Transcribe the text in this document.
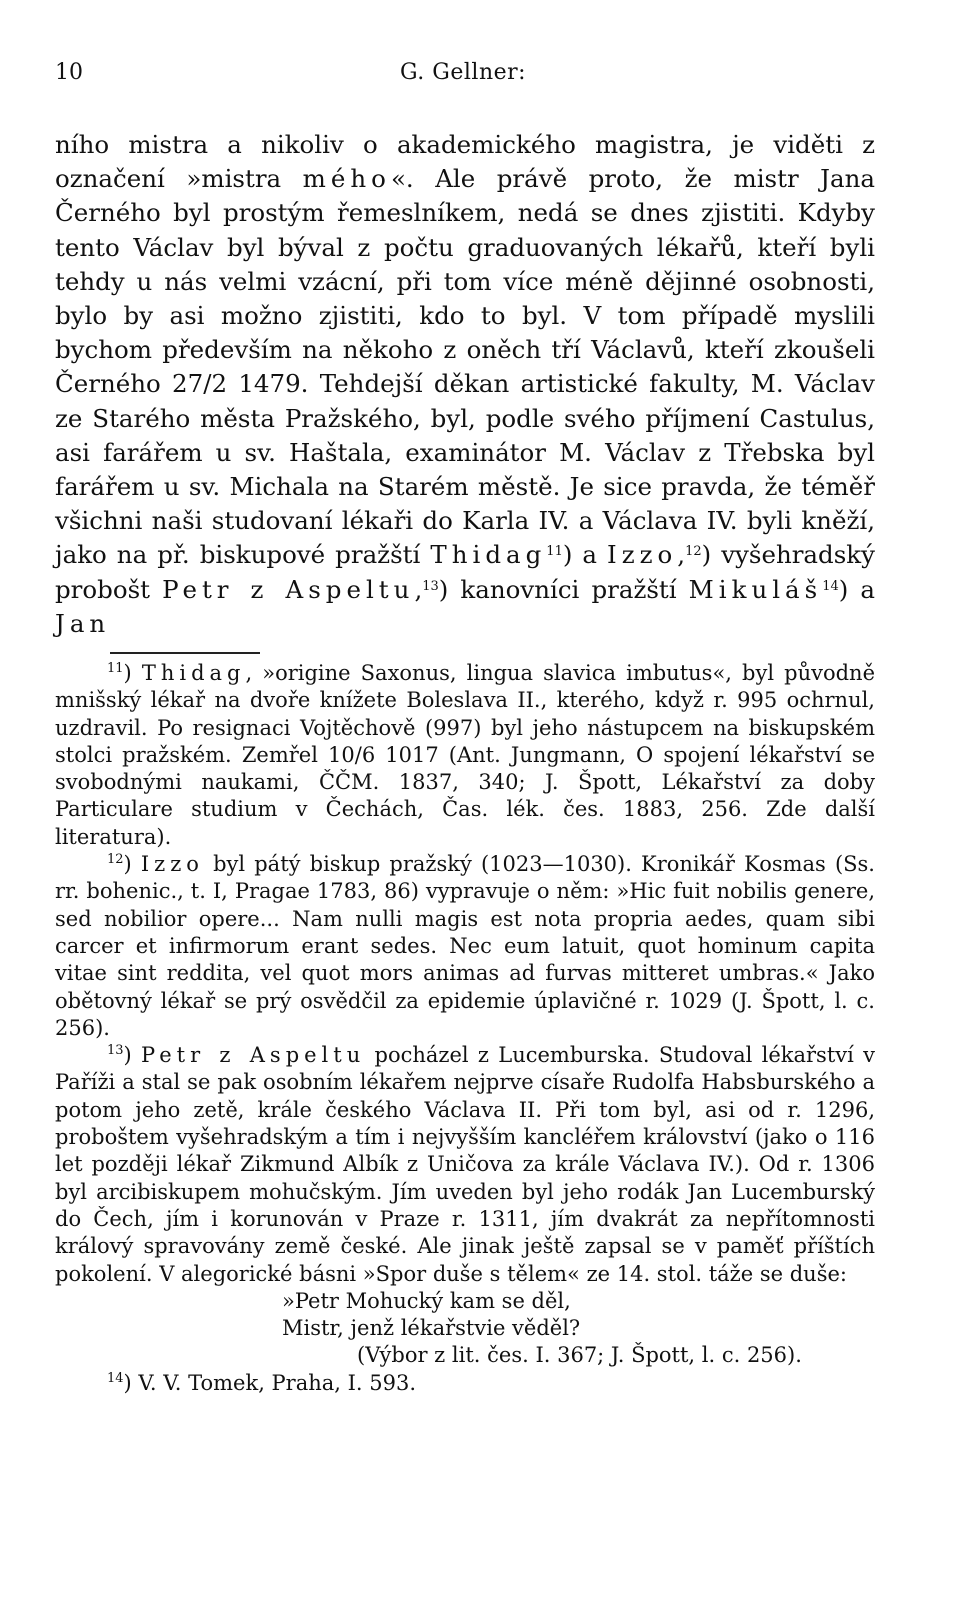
10	G. Gellner:

ního mistra a nikoliv o akademického magistra, je viděti z označení »mistra mého«. Ale právě proto, že mistr Jana Černého byl prostým řemeslníkem, nedá se dnes zjistiti. Kdyby tento Václav byl býval z počtu graduovaných lékařů, kteří byli tehdy u nás velmi vzácní, při tom více méně dějinné osobnosti, bylo by asi možno zjistiti, kdo to byl. V tom případě myslili bychom především na někoho z oněch tří Václavů, kteří zkoušeli Černého 27/2 1479. Tehdejší děkan artistické fakulty, M. Václav ze Starého města Pražského, byl, podle svého příjmení Castulus, asi farářem u sv. Haštala, examinátor M. Václav z Třebska byl farářem u sv. Michala na Starém městě. Je sice pravda, že téměř všichni naši studovaní lékaři do Karla IV. a Václava IV. byli kněží, jako na př. biskupové pražští Thidag$^{11}$) a Izzo,$^{12}$) vyšehradský probošt Petr z Aspeltu,$^{13}$) kanovníci pražští Mikuláš$^{14}$) a Jan

$^{11}$) Thidag, »origine Saxonus, lingua slavica imbutus«, byl původně mnišský lékař na dvoře knížete Boleslava II., kterého, když r. 995 ochrnul, uzdravil. Po resignaci Vojtěchově (997) byl jeho nástupcem na biskupském stolci pražském. Zemřel 10/6 1017 (Ant. Jungmann, O spojení lékařství se svobodnými naukami, ČČM. 1837, 340; J. Špott, Lékařství za doby Particulare studium v Čechách, Čas. lék. čes. 1883, 256. Zde další literatura).

$^{12}$) Izzo byl pátý biskup pražský (1023—1030). Kronikář Kosmas (Ss. rr. bohenic., t. I, Pragae 1783, 86) vypravuje o něm: »Hic fuit nobilis genere, sed nobilior opere... Nam nulli magis est nota propria aedes, quam sibi carcer et infirmorum erant sedes. Nec eum latuit, quot hominum capita vitae sint reddita, vel quot mors animas ad furvas mitteret umbras.« Jako obětovný lékař se prý osvědčil za epidemie úplavičné r. 1029 (J. Špott, l. c. 256).

$^{13}$) Petr z Aspeltu pocházel z Lucemburska. Studoval lékařství v Paříži a stal se pak osobním lékařem nejprve císaře Rudolfa Habsburského a potom jeho zetě, krále českého Václava II. Při tom byl, asi od r. 1296, proboštem vyšehradským a tím i nejvyšším kancléřem království (jako o 116 let později lékař Zikmund Albík z Uničova za krále Václava IV.). Od r. 1306 byl arcibiskupem mohučským. Jím uveden byl jeho rodák Jan Lucemburský do Čech, jím i korunován v Praze r. 1311, jím dvakrát za nepřítomnosti králový spravovány země české. Ale jinak ještě zapsal se v paměť příštích pokolení. V alegorické básni »Spor duše s tělem« ze 14. stol. táže se duše:

»Petr Mohucký kam se děl,
Mistr, jenž lékařstvie věděl?
(Výbor z lit. čes. I. 367; J. Špott, l. c. 256).

$^{14}$) V. V. Tomek, Praha, I. 593.
